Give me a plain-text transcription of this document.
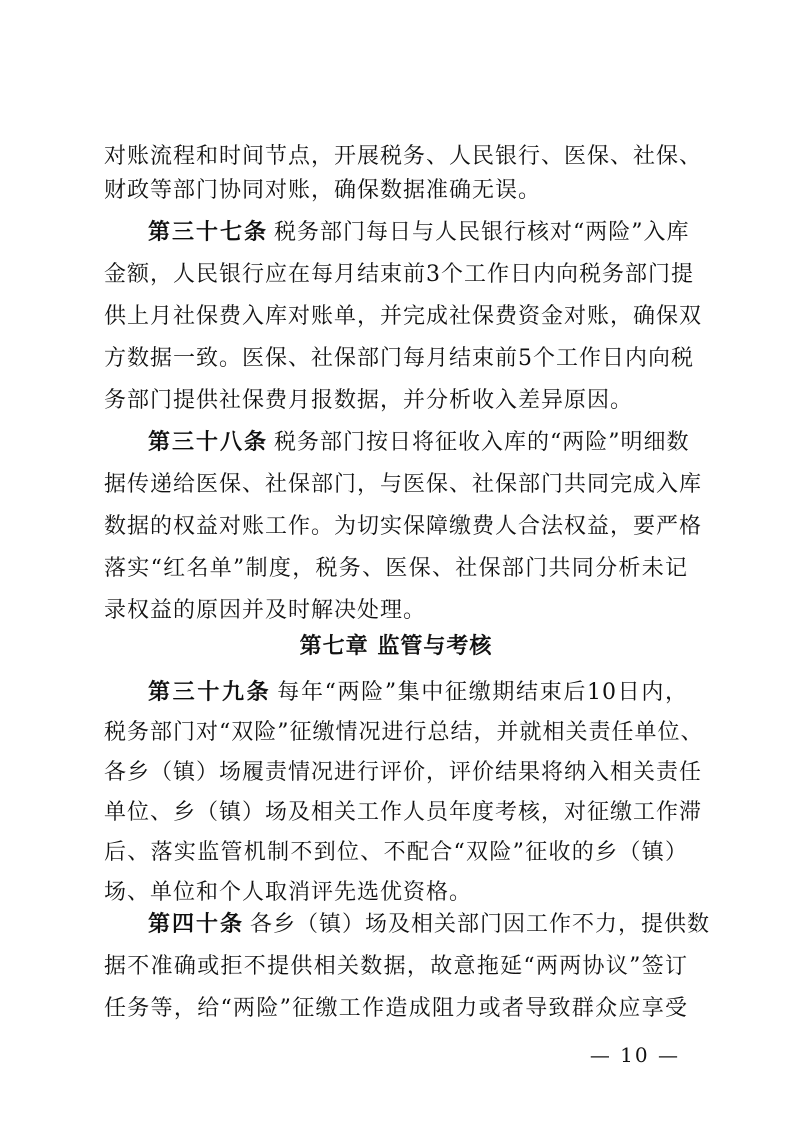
对账流程和时间节点，开展税务、人民银行、医保、社保、
财政等部门协同对账，确保数据准确无误。
第三十七条 税务部门每日与人民银行核对“两险”入库
金额，人民银行应在每月结束前3个工作日内向税务部门提
供上月社保费入库对账单，并完成社保费资金对账，确保双
方数据一致。医保、社保部门每月结束前5个工作日内向税
务部门提供社保费月报数据，并分析收入差异原因。
第三十八条 税务部门按日将征收入库的“两险”明细数
据传递给医保、社保部门，与医保、社保部门共同完成入库
数据的权益对账工作。为切实保障缴费人合法权益，要严格
落实“红名单”制度，税务、医保、社保部门共同分析未记
录权益的原因并及时解决处理。
第七章 监管与考核
第三十九条 每年“两险”集中征缴期结束后10日内，
税务部门对“双险”征缴情况进行总结，并就相关责任单位、
各乡（镇）场履责情况进行评价，评价结果将纳入相关责任
单位、乡（镇）场及相关工作人员年度考核，对征缴工作滞
后、落实监管机制不到位、不配合“双险”征收的乡（镇）
场、单位和个人取消评先选优资格。
第四十条 各乡（镇）场及相关部门因工作不力，提供数
据不准确或拒不提供相关数据，故意拖延“两两协议”签订
任务等，给“两险”征缴工作造成阻力或者导致群众应享受
— 10 —
